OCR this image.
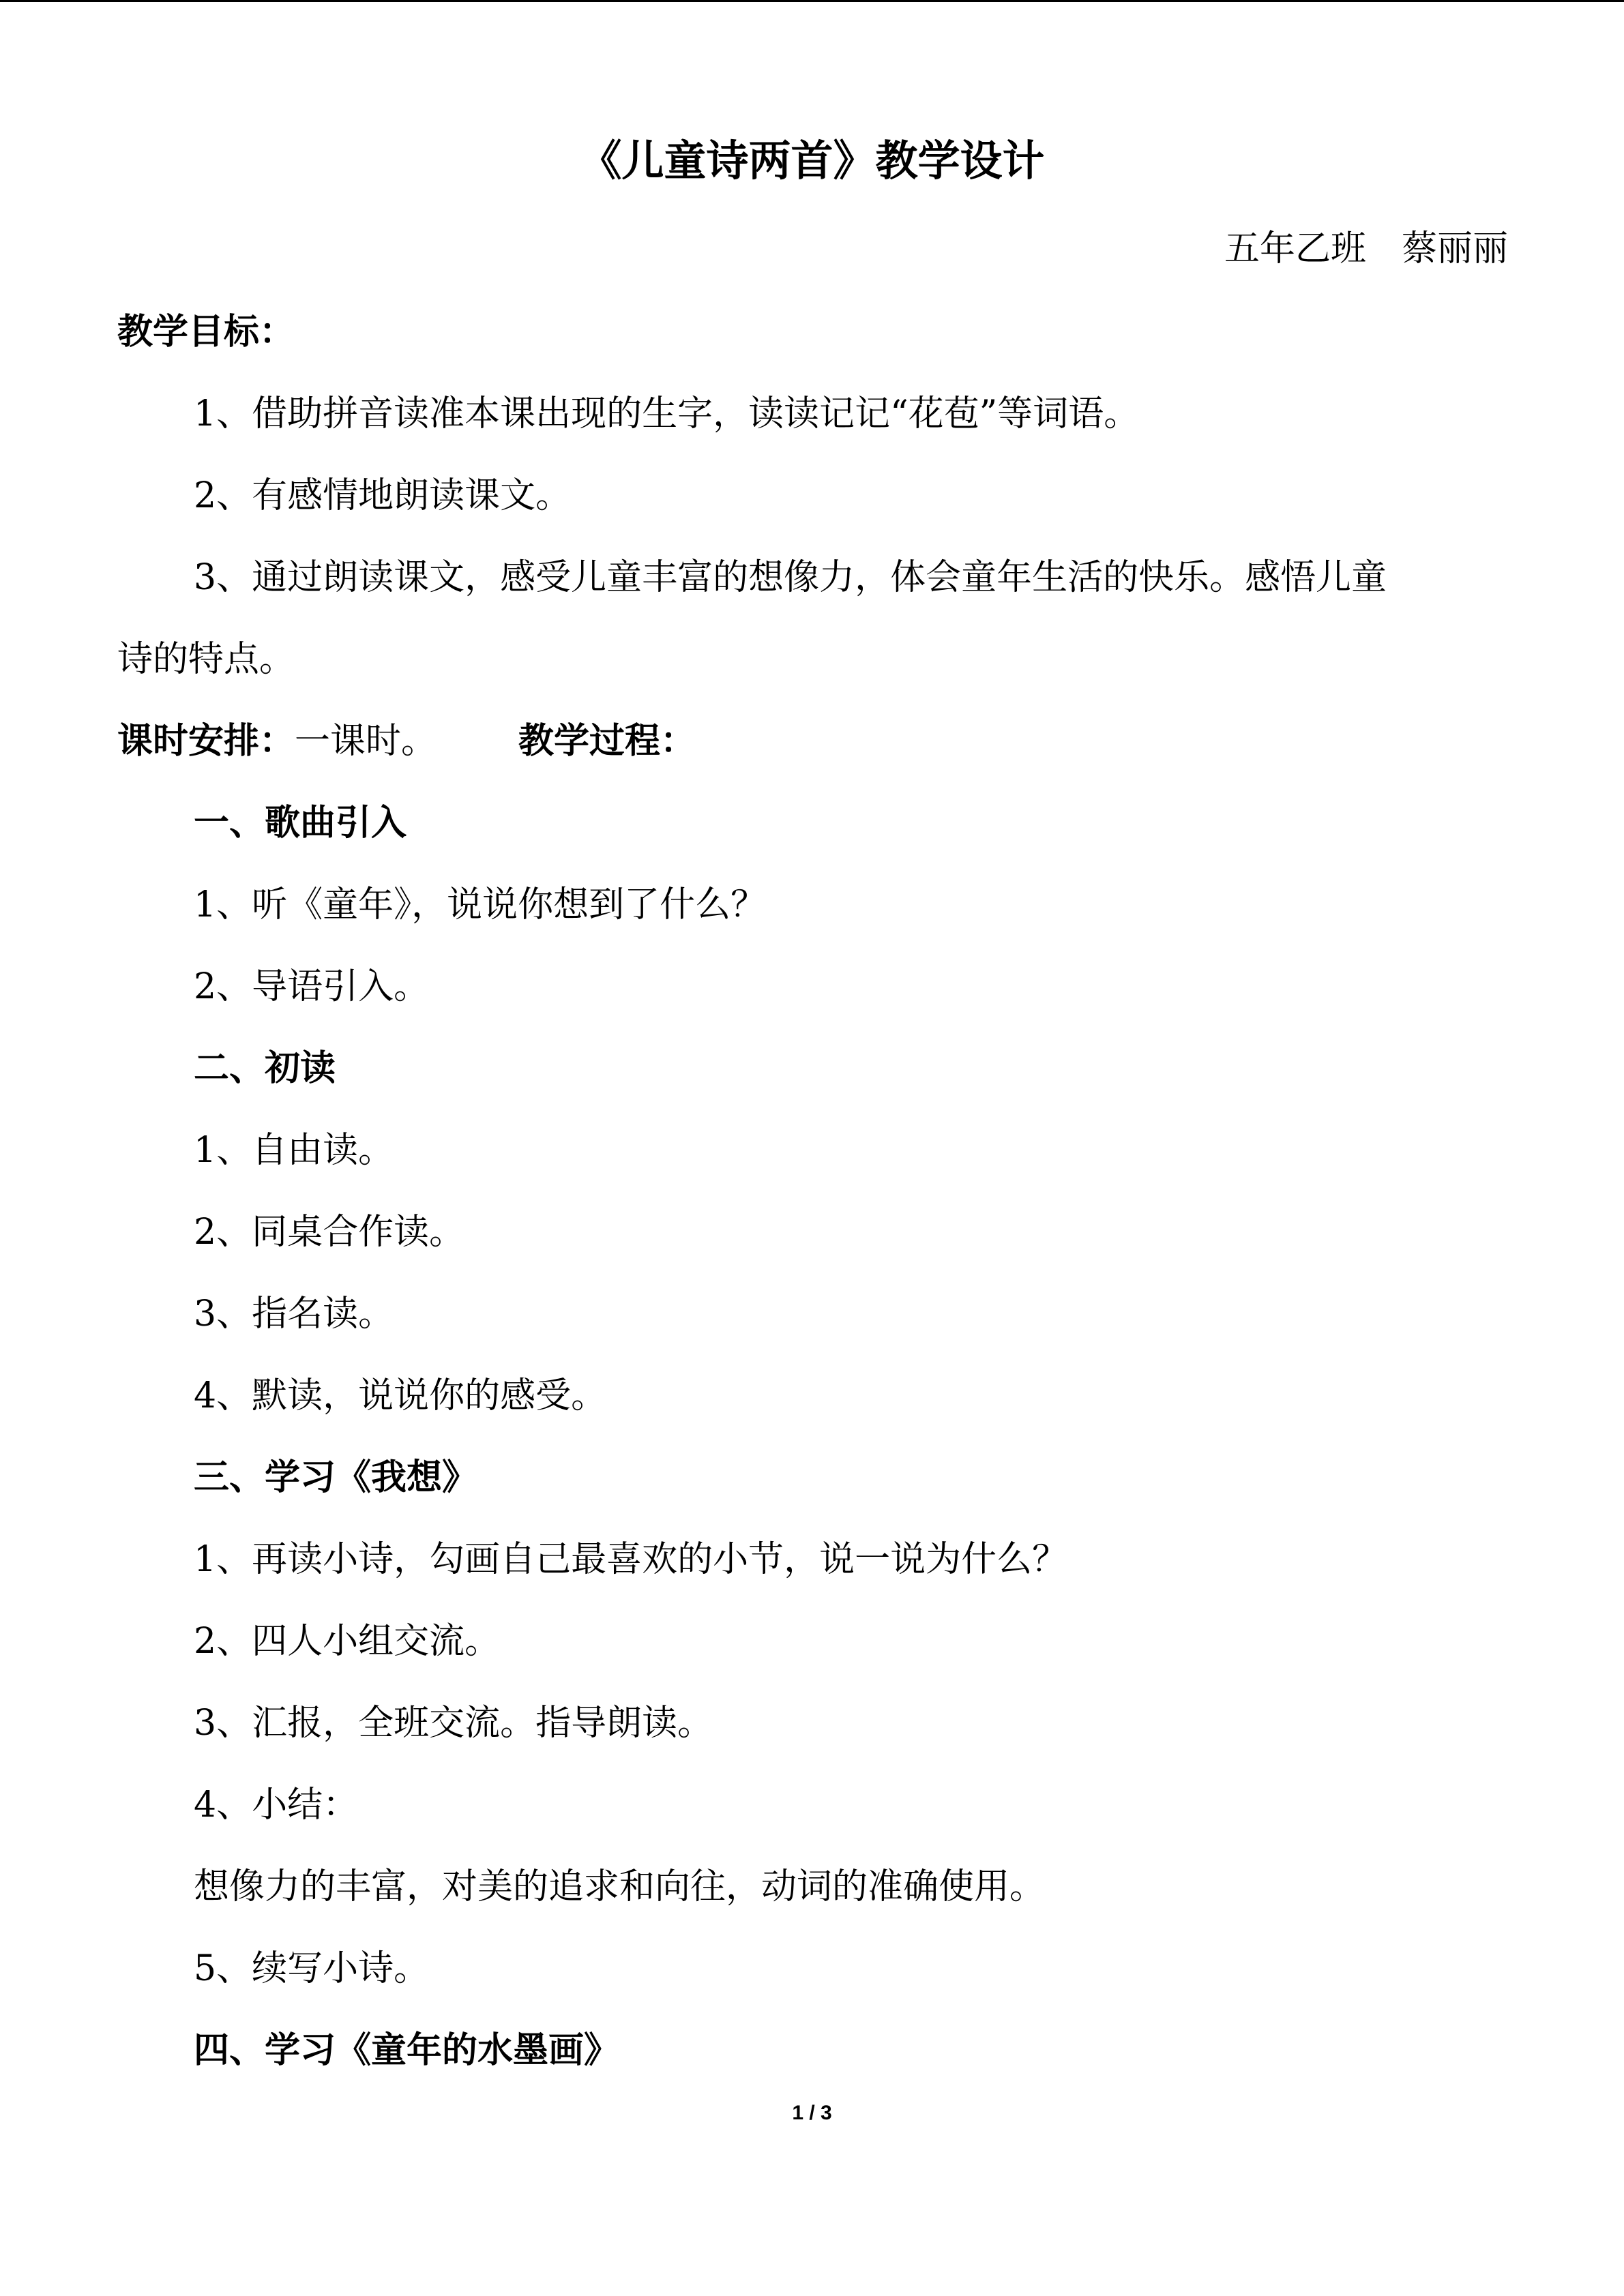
《儿童诗两首》教学设计
五年乙班　蔡丽丽
教学目标：
1、借助拼音读准本课出现的生字，读读记记“花苞”等词语。
2、有感情地朗读课文。
3、通过朗读课文，感受儿童丰富的想像力，体会童年生活的快乐。感悟儿童
诗的特点。
课时安排：一课时。 教学过程：
一、歌曲引入
1、听《童年》，说说你想到了什么？
2、导语引入。
二、初读
1、自由读。
2、同桌合作读。
3、指名读。
4、默读，说说你的感受。
三、学习《我想》
1、再读小诗，勾画自己最喜欢的小节，说一说为什么？
2、四人小组交流。
3、汇报，全班交流。指导朗读。
4、小结：
想像力的丰富，对美的追求和向往，动词的准确使用。
5、续写小诗。
四、学习《童年的水墨画》
1 / 3
